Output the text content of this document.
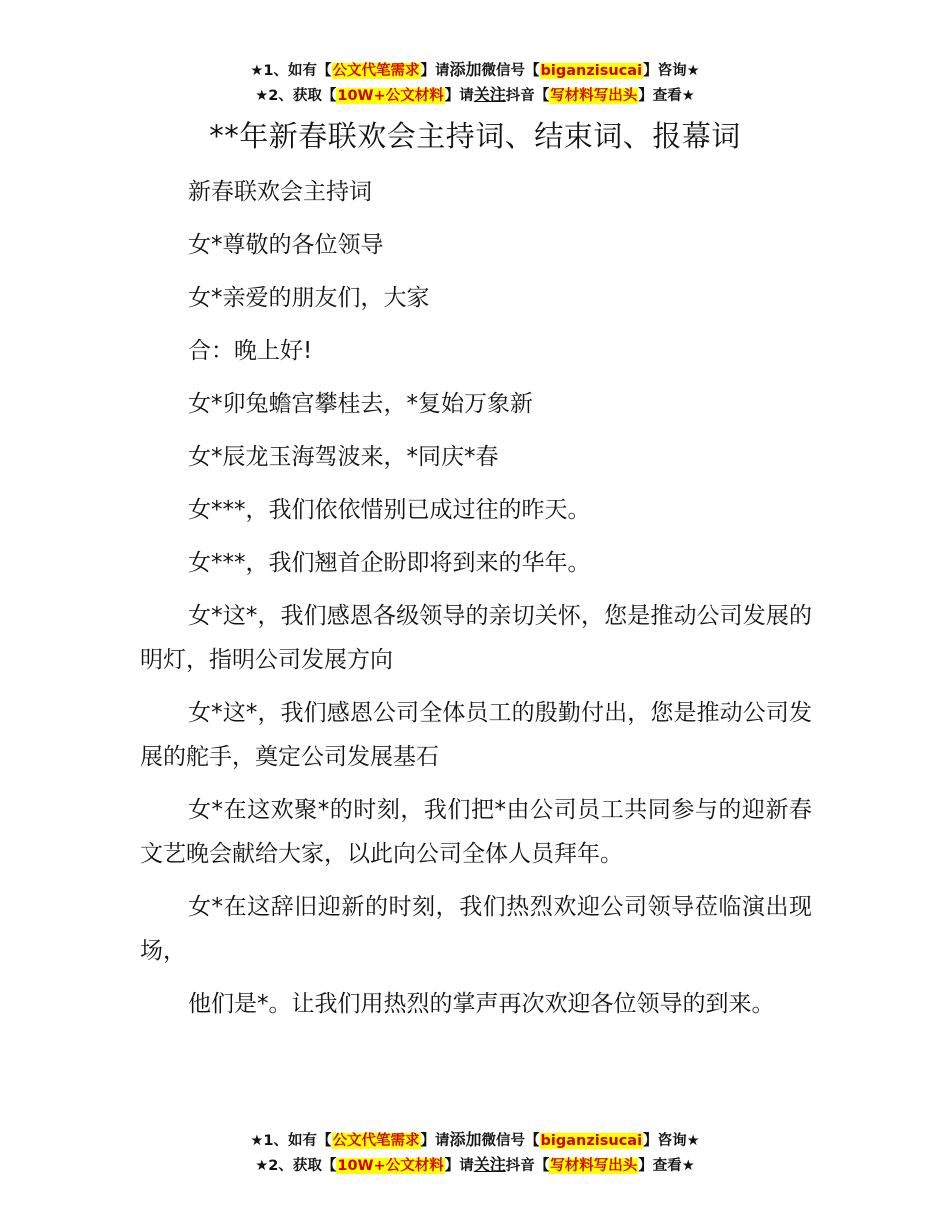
★1、如有【公文代笔需求】请添加微信号【biganzisucai】咨询★
★2、获取【10W+公文材料】请关注抖音【写材料写出头】查看★
**年新春联欢会主持词、结束词、报幕词

新春联欢会主持词

女*尊敬的各位领导

女*亲爱的朋友们，大家

合：晚上好!

女*卯兔蟾宫攀桂去，*复始万象新

女*辰龙玉海驾波来，*同庆*春

女***，我们依依惜别已成过往的昨天。

女***，我们翘首企盼即将到来的华年。

女*这*，我们感恩各级领导的亲切关怀，您是推动公司发展的明灯，指明公司发展方向

女*这*，我们感恩公司全体员工的殷勤付出，您是推动公司发展的舵手，奠定公司发展基石

女*在这欢聚*的时刻，我们把*由公司员工共同参与的迎新春文艺晚会献给大家，以此向公司全体人员拜年。

女*在这辞旧迎新的时刻，我们热烈欢迎公司领导莅临演出现场，

他们是*。让我们用热烈的掌声再次欢迎各位领导的到来。

★1、如有【公文代笔需求】请添加微信号【biganzisucai】咨询★
★2、获取【10W+公文材料】请关注抖音【写材料写出头】查看★
